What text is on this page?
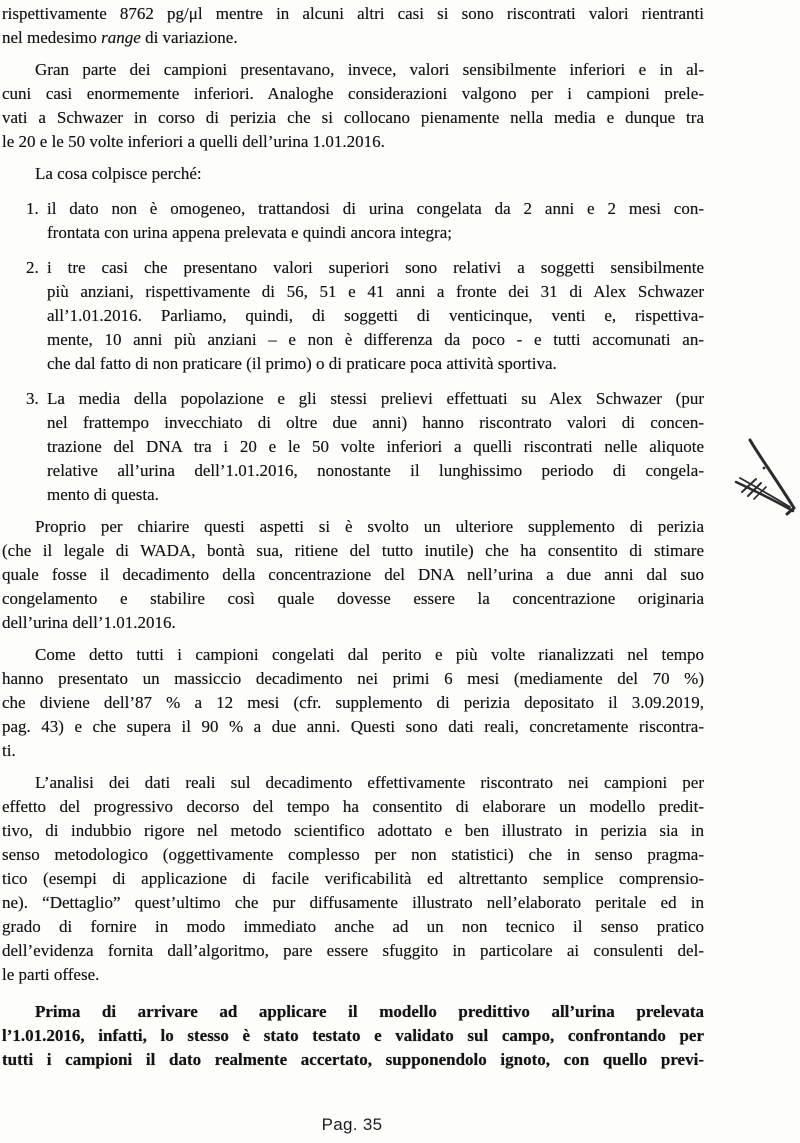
rispettivamente 8762 pg/μl mentre in alcuni altri casi si sono riscontrati valori rientranti
nel medesimo range di variazione.
Gran parte dei campioni presentavano, invece, valori sensibilmente inferiori e in al-
cuni casi enormemente inferiori. Analoghe considerazioni valgono per i campioni prele-
vati a Schwazer in corso di perizia che si collocano pienamente nella media e dunque tra
le 20 e le 50 volte inferiori a quelli dell’urina 1.01.2016.
La cosa colpisce perché:
1. il dato non è omogeneo, trattandosi di urina congelata da 2 anni e 2 mesi con-
frontata con urina appena prelevata e quindi ancora integra;
2. i tre casi che presentano valori superiori sono relativi a soggetti sensibilmente
più anziani, rispettivamente di 56, 51 e 41 anni a fronte dei 31 di Alex Schwazer
all’1.01.2016. Parliamo, quindi, di soggetti di venticinque, venti e, rispettiva-
mente, 10 anni più anziani – e non è differenza da poco - e tutti accomunati an-
che dal fatto di non praticare (il primo) o di praticare poca attività sportiva.
3. La media della popolazione e gli stessi prelievi effettuati su Alex Schwazer (pur
nel frattempo invecchiato di oltre due anni) hanno riscontrato valori di concen-
trazione del DNA tra i 20 e le 50 volte inferiori a quelli riscontrati nelle aliquote
relative all’urina dell’1.01.2016, nonostante il lunghissimo periodo di congela-
mento di questa.
Proprio per chiarire questi aspetti si è svolto un ulteriore supplemento di perizia
(che il legale di WADA, bontà sua, ritiene del tutto inutile) che ha consentito di stimare
quale fosse il decadimento della concentrazione del DNA nell’urina a due anni dal suo
congelamento e stabilire così quale dovesse essere la concentrazione originaria
dell’urina dell’1.01.2016.
Come detto tutti i campioni congelati dal perito e più volte rianalizzati nel tempo
hanno presentato un massiccio decadimento nei primi 6 mesi (mediamente del 70 %)
che diviene dell’87 % a 12 mesi (cfr. supplemento di perizia depositato il 3.09.2019,
pag. 43) e che supera il 90 % a due anni. Questi sono dati reali, concretamente riscontra-
ti.
L’analisi dei dati reali sul decadimento effettivamente riscontrato nei campioni per
effetto del progressivo decorso del tempo ha consentito di elaborare un modello predit-
tivo, di indubbio rigore nel metodo scientifico adottato e ben illustrato in perizia sia in
senso metodologico (oggettivamente complesso per non statistici) che in senso pragma-
tico (esempi di applicazione di facile verificabilità ed altrettanto semplice comprensio-
ne). “Dettaglio” quest’ultimo che pur diffusamente illustrato nell’elaborato peritale ed in
grado di fornire in modo immediato anche ad un non tecnico il senso pratico
dell’evidenza fornita dall’algoritmo, pare essere sfuggito in particolare ai consulenti del-
le parti offese.
Prima di arrivare ad applicare il modello predittivo all’urina prelevata
l’1.01.2016, infatti, lo stesso è stato testato e validato sul campo, confrontando per
tutti i campioni il dato realmente accertato, supponendolo ignoto, con quello previ-
Pag. 35
